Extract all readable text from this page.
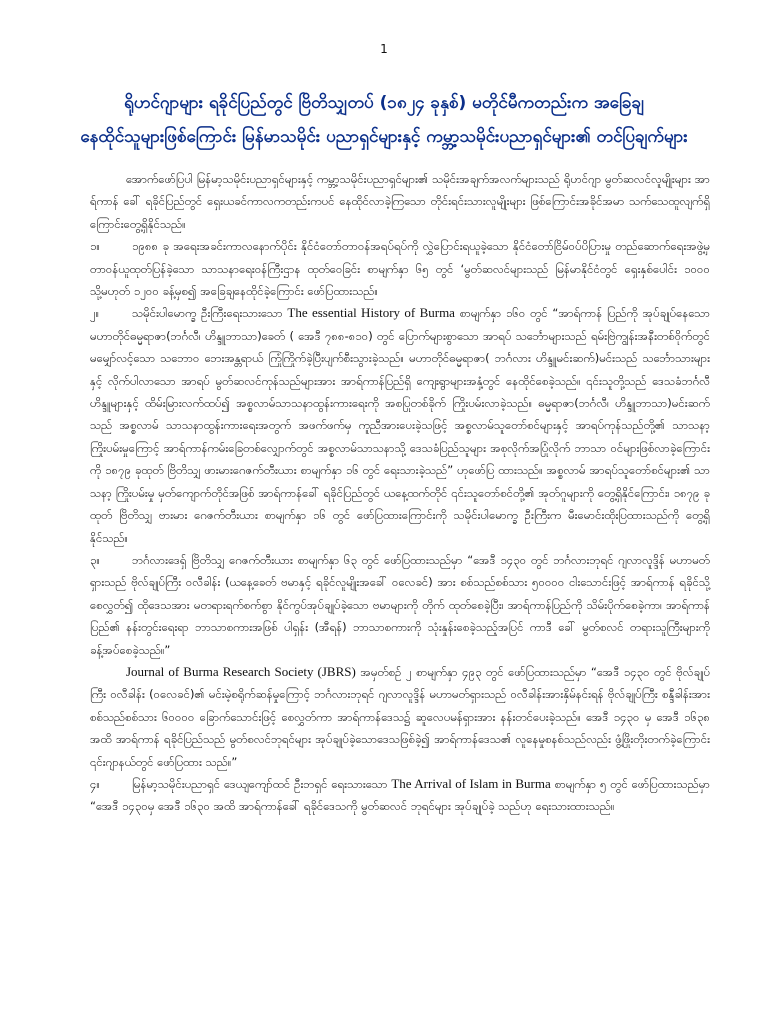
1
ရိုဟင်ဂျာများ ရခိုင်ပြည်တွင် ဗြိတိသျှတပ် (၁၈၂၄ ခုနှစ်) မတိုင်မီကတည်းက အခြေချ
နေထိုင်သူများဖြစ်ကြောင်း မြန်မာသမိုင်း ပညာရှင်များနှင့် ကမ္ဘာ့သမိုင်းပညာရှင်များ၏ တင်ပြချက်များ

အောက်ဖော်ပြပါ မြန်မာ့သမိုင်းပညာရှင်များနှင့် ကမ္ဘာ့သမိုင်းပညာရှင်များ၏ သမိုင်းအချက်အလက်များသည် ရိုဟင်ဂျာ မွတ်ဆလင်လူမျိုးများ အာရ်ကာန် ခေါ် ရခိုင်ပြည်တွင် ရှေးယခင်ကာလကတည်းကပင် နေထိုင်လာခဲ့ကြသော တိုင်းရင်းသားလူမျိုးများ ဖြစ်ကြောင်းအခိုင်အမာ သက်သေထူလျက်ရှိကြောင်းတွေ့ရှိနိုင်သည်။

၁။	၁၉၈၈ ခု အရေးအခင်းကာလနောက်ပိုင်း နိုင်ငံတော်တာဝန်အရပ်ရပ်ကို လွှဲပြောင်းရယူခဲ့သော နိုင်ငံတော်ငြိမ်ဝပ်ပိပြားမှု တည်ဆောက်ရေးအဖွဲ့မှ တာဝန်ယူထုတ်ပြန်ခဲ့သော သာသနာရေးဝန်ကြီးဌာန ထုတ်ဝေခြင်း စာမျက်နှာ ၆၅ တွင် ‘မွတ်ဆလင်များသည် မြန်မာနိုင်ငံတွင် ရှေးနှစ်ပေါင်း ၁၀၀၀ သို့မဟုတ် ၁၂၀၀ ခန့်မှစ၍ အခြေချနေထိုင်ခဲ့ကြောင်း ဖော်ပြထားသည်။

၂။	သမိုင်းပါမောက္ခ ဦးကြီးရေးသားသော The essential History of Burma စာမျက်နှာ ၁၆၀ တွင် “အာရ်ကာန် ပြည်ကို အုပ်ချုပ်နေသော မဟာတိုင်ဓမ္မရာဇာ(ဘင်္ဂလီ၊ ဟိန္ဒူဘာသာ)ခေတ် ( အေဒီ ၇၈၈-၈၁၀) တွင် ပြောက်များစွာသော အာရပ် သင်္ဘောများသည် ရမ်းဗြဲကျွန်းအနီးတစ်ဝိုက်တွင် မမျှော်လင့်သော သဘောဝ ဘေးအန္တရာယ် ကြုံကြိုက်ခဲ့ပြီးပျက်စီးသွားခဲ့သည်။ မဟာတိုင်ဓမ္မရာဇာ( ဘင်္ဂလား ဟိန္ဒူမင်းဆက်)မင်းသည် သင်္ဘောသားများနှင့် လိုက်ပါလာသော အာရပ် မွတ်ဆလင်ကုန်သည်များအား အာရ်ကာန်ပြည်ရှိ ကျေးရွာများအနှံ့တွင် နေထိုင်စေခဲ့သည်။ ၎င်းသူတို့သည် ဒေသခံဘင်္ဂလီ ဟိန္ဒူများနှင့် ထိမ်းမြားလက်ထပ်၍ အစ္စလာမ်သာသနာထွန်းကားရေးကို အစပြုတစ်ခိုက် ကြိုးပမ်းလာခဲ့သည်။ ဓမ္မရာဇာ(ဘင်္ဂလီ၊ ဟိန္ဒူဘာသာ)မင်းဆက်သည် အစ္စလာမ် သာသနာထွန်းကားရေးအတွက် အဖက်ဖက်မှ ကူညီအားပေးခဲ့သဖြင့် အစ္စလာမ်သူတော်စင်များနှင့် အာရပ်ကုန်သည်တို့၏ သာသနာ့ ကြိုးပမ်းမှုကြောင့် အာရ်ကာန်ကမ်းခြေတစ်လျှောက်တွင် အစ္စလာမ်သာသနာသို့ ဒေသခံပြည်သူများ အစုလိုက်အပြုံလိုက် ဘာသာ ဝင်များဖြစ်လာခဲ့ကြောင်းကို ၁၈၇၉ ခုထုတ် ဗြိတိသျှ ဖားမားဂေဇက်တီးယား စာမျက်နှာ ၁၆ တွင် ရေးသားခဲ့သည်” ဟုဖော်ပြ ထားသည်။ အစ္စလာမ် အာရပ်သူတော်စင်များ၏ သာသနာ့ ကြိုးပမ်းမှု မှတ်ကျောက်တိုင်အဖြစ် အာရ်ကာန်ခေါ် ရခိုင်ပြည်တွင် ယနေ့ထက်တိုင် ၎င်းသူတော်စင်တို့၏ အုတ်ဂူများကို တွေ့ရှိနိုင်ကြောင်း၊ ၁၈၇၉ ခုထုတ် ဗြိတိသျှ ဗားမား ဂေဇက်တီးယား စာမျက်နှာ ၁၆ တွင် ဖော်ပြထားကြောင်းကို သမိုင်းပါမောက္ခ ဦးကြီးက မီးမောင်းထိုးပြထားသည်ကို တွေ့ရှိနိုင်သည်။

၃။	ဘင်္ဂလားဒေရှ် ဗြိတိသျှ ဂေဇက်တီးယား စာမျက်နှာ ၆၃ တွင် ဖော်ပြထားသည်မှာ “အေဒီ ၁၄၃၀ တွင် ဘင်္ဂလားဘုရင် ဂျလာလူဒ္ဒိန် မဟာမတ် ရှားသည် ဗိုလ်ချုပ်ကြီး ဝလီခါန်း (ယနေ့ခေတ် ဗမာနှင့် ရခိုင်လူမျိုးအခေါ် ဝလေခင်) အား စစ်သည်စစ်သား ၅၀၀၀၀ ငါးသောင်းဖြင့် အာရ်ကာန် ရခိုင်သို့စေလွှတ်၍ ထိုဒေသအား မတရားရက်စက်စွာ နိုင်ကွပ်အုပ်ချုပ်ခဲ့သော ဗမာများကို တိုက် ထုတ်စေခဲ့ပြီး၊ အာရ်ကာန်ပြည်ကို သိမ်းပိုက်စေခဲ့ကာ၊ အာရ်ကာန်ပြည်၏ နန်းတွင်းရေးရာ ဘာသာစကားအဖြစ် ပါရှန်း (အီရန်) ဘာသာစကားကို သုံးနှုန်းစေခဲ့သည့်အပြင် ကာဒီ ခေါ် မွတ်စလင် တရားသူကြီးများကို ခန့်အပ်စေခဲ့သည်။”

Journal of Burma Research Society (JBRS) အမှတ်စဉ် ၂ စာမျက်နှာ ၄၉၃ တွင် ဖော်ပြထားသည်မှာ “အေဒီ ၁၄၃၀ တွင် ဗိုလ်ချုပ်ကြီး ဝလီခါန်း (ဝလေခင်)၏ မင်းမဲ့စရိုက်ဆန်မှုကြောင့် ဘင်္ဂလားဘုရင် ဂျလာလူဒ္ဒိန် မဟာမတ်ရှားသည် ဝလီခါန်းအားနှိမ်နင်းရန် ဗိုလ်ချုပ်ကြီး စန္ဒီခါန်းအား စစ်သည်စစ်သား ၆၀၀၀၀ ခြောက်သောင်းဖြင့် စေလွှတ်ကာ အာရ်ကာန်ဒေသ၌ ဆူလေပမန်ရှားအား နန်းတင်ပေးခဲ့သည်။ အေဒီ ၁၄၃၀ မှ အေဒီ ၁၆၃၈ အထိ အာရ်ကာန် ရခိုင်ပြည်သည် မွတ်စလင်ဘုရင်များ အုပ်ချုပ်ခဲ့သောဒေသဖြစ်ခဲ့၍ အာရ်ကာန်ဒေသ၏ လူနေမှုစနစ်သည်လည်း ဖွံ့ဖြိုးတိုးတက်ခဲ့ကြောင်း ၎င်းဂျာနယ်တွင် ဖော်ပြထား သည်။”

၄။	မြန်မာ့သမိုင်းပညာရှင် ဒေယျကျော်ထင် ဦးဘရှင် ရေးသားသော The Arrival of Islam in Burma စာမျက်နှာ ၅ တွင် ဖော်ပြထားသည်မှာ “အေဒီ ၁၄၃၀မှ အေဒီ ၁၆၃၀ အထိ အာရ်ကာန်ခေါ် ရခိုင်ဒေသကို မွတ်ဆလင် ဘုရင်များ အုပ်ချုပ်ခဲ့ သည်ဟု ရေးသားထားသည်။
